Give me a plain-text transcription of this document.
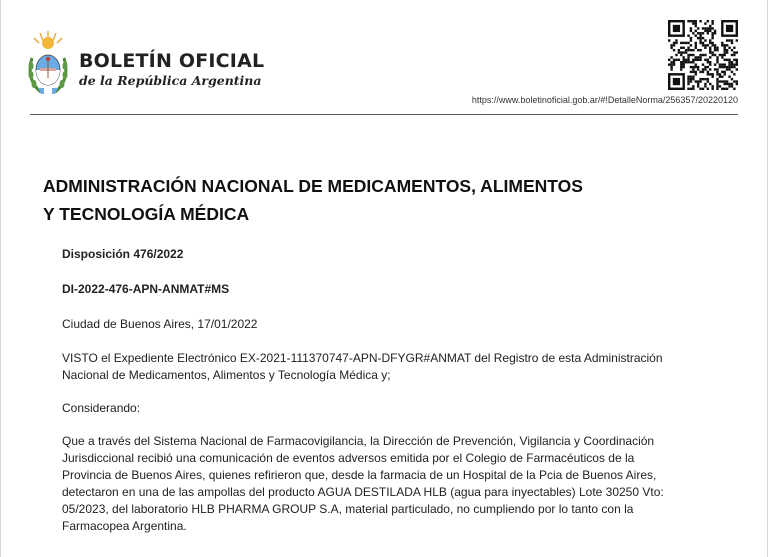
BOLETÍN OFICIAL
de la República Argentina
https://www.boletinoficial.gob.ar/#!DetalleNorma/256357/20220120
ADMINISTRACIÓN NACIONAL DE MEDICAMENTOS, ALIMENTOS
Y TECNOLOGÍA MÉDICA

Disposición 476/2022

DI-2022-476-APN-ANMAT#MS

Ciudad de Buenos Aires, 17/01/2022

VISTO el Expediente Electrónico EX-2021-111370747-APN-DFYGR#ANMAT del Registro de esta Administración

Nacional de Medicamentos, Alimentos y Tecnología Médica y;

Considerando:

Que a través del Sistema Nacional de Farmacovigilancia, la Dirección de Prevención, Vigilancia y Coordinación

Jurisdiccional recibió una comunicación de eventos adversos emitida por el Colegio de Farmacéuticos de la

Provincia de Buenos Aires, quienes refirieron que, desde la farmacia de un Hospital de la Pcia de Buenos Aires,

detectaron en una de las ampollas del producto AGUA DESTILADA HLB (agua para inyectables) Lote 30250 Vto:

05/2023, del laboratorio HLB PHARMA GROUP S.A, material particulado, no cumpliendo por lo tanto con la

Farmacopea Argentina.
